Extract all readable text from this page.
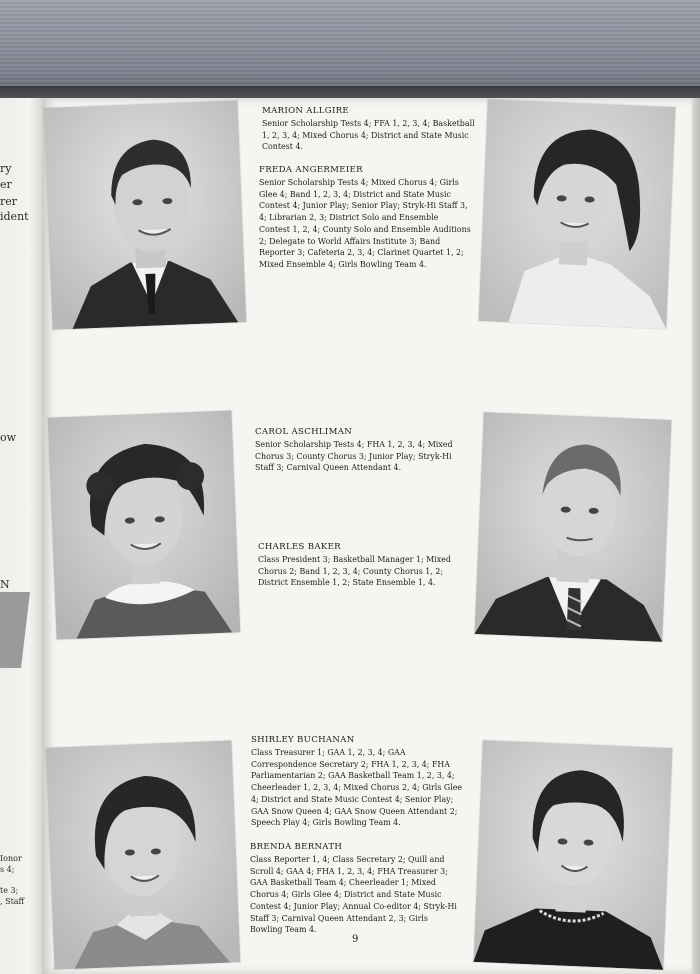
ry
er
rer
ident
ow
N
Ionor
s 4;
te 3;
, Staff

MARION ALLGIRE

Senior Scholarship Tests 4; FFA 1, 2, 3, 4; Basketball 1, 2, 3, 4; Mixed Chorus 4; District and State Music Contest 4.

FREDA ANGERMEIER

Senior Scholarship Tests 4; Mixed Chorus 4; Girls Glee 4; Band 1, 2, 3, 4; District and State Music Contest 4; Junior Play; Senior Play; Stryk-Hi Staff 3, 4; Librarian 2, 3; District Solo and Ensemble Contest 1, 2, 4; County Solo and Ensemble Auditions 2; Delegate to World Affairs Institute 3; Band Reporter 3; Cafeteria 2, 3, 4; Clarinet Quartet 1, 2; Mixed Ensemble 4; Girls Bowling Team 4.

CAROL ASCHLIMAN

Senior Scholarship Tests 4; FHA 1, 2, 3, 4; Mixed Chorus 3; County Chorus 3; Junior Play; Stryk-Hi Staff 3; Carnival Queen Attendant 4.

CHARLES BAKER

Class President 3; Basketball Manager 1; Mixed Chorus 2; Band 1, 2, 3, 4; County Chorus 1, 2; District Ensemble 1, 2; State Ensemble 1, 4.

SHIRLEY BUCHANAN

Class Treasurer 1; GAA 1, 2, 3, 4; GAA Correspondence Secretary 2; FHA 1, 2, 3, 4; FHA Parliamentarian 2; GAA Basketball Team 1, 2, 3, 4; Cheerleader 1, 2, 3, 4; Mixed Chorus 2, 4; Girls Glee 4; District and State Music Contest 4; Senior Play; GAA Snow Queen 4; GAA Snow Queen Attendant 2; Speech Play 4; Girls Bowling Team 4.

BRENDA BERNATH

Class Reporter 1, 4; Class Secretary 2; Quill and Scroll 4; GAA 4; FHA 1, 2, 3, 4; FHA Treasurer 3; GAA Basketball Team 4; Cheerleader 1; Mixed Chorus 4; Girls Glee 4; District and State Music Contest 4; Junior Play; Annual Co-editor 4; Stryk-Hi Staff 3; Carnival Queen Attendant 2, 3; Girls Bowling Team 4.

9
